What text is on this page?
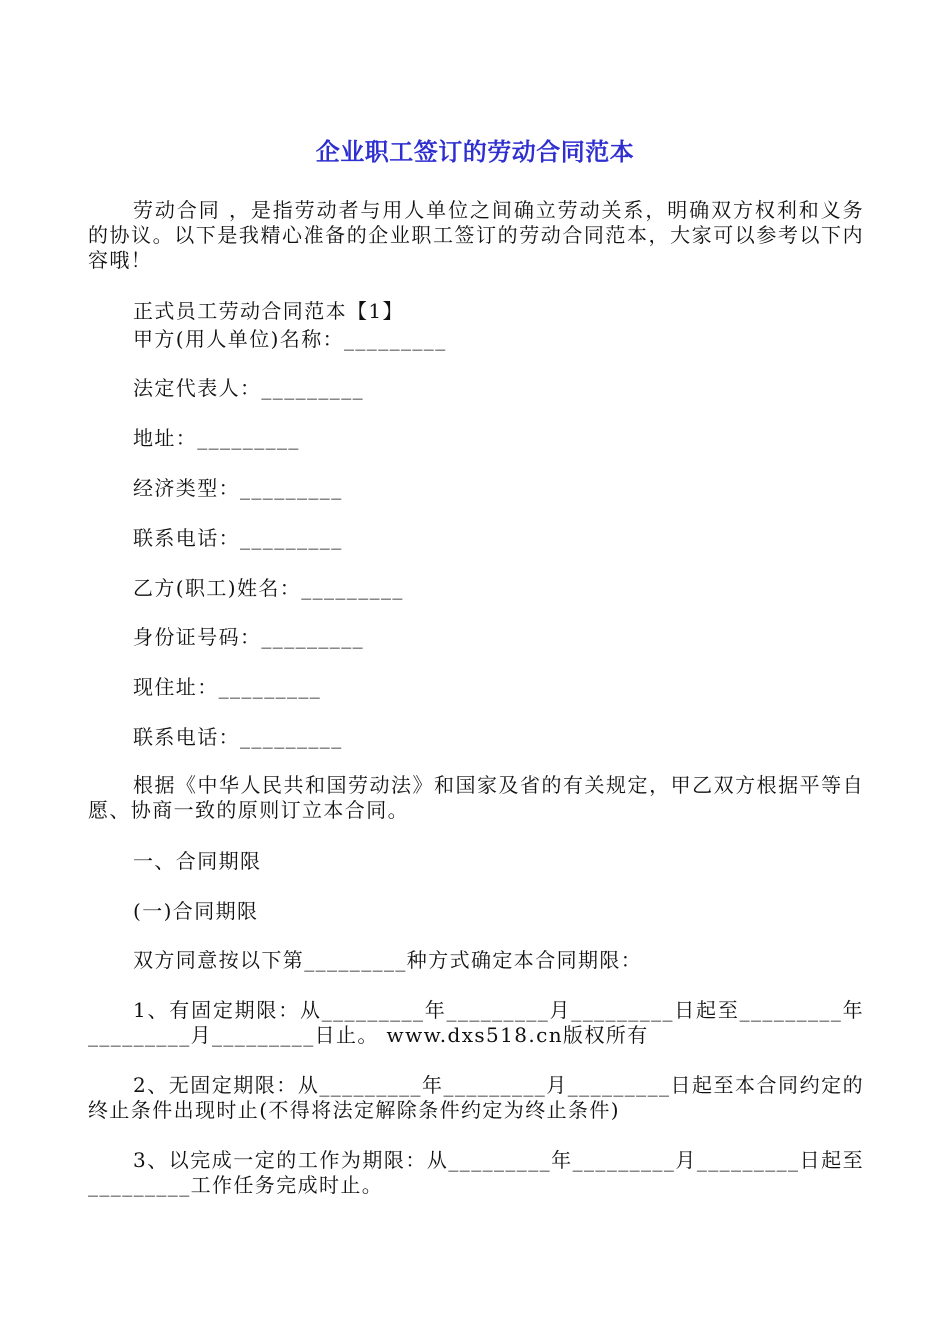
企业职工签订的劳动合同范本

劳动合同 ，是指劳动者与用人单位之间确立劳动关系，明确双方权利和义务的协议。以下是我精心准备的企业职工签订的劳动合同范本，大家可以参考以下内容哦！

正式员工劳动合同范本【1】

甲方(用人单位)名称：_________

法定代表人：_________

地址：_________

经济类型：_________

联系电话：_________

乙方(职工)姓名：_________

身份证号码：_________

现住址：_________

联系电话：_________

根据《中华人民共和国劳动法》和国家及省的有关规定，甲乙双方根据平等自愿、协商一致的原则订立本合同。

一、合同期限

(一)合同期限

双方同意按以下第_________种方式确定本合同期限：

1、有固定期限：从_________年_________月_________日起至_________年_________月_________日止。 www.dxs518.cn版权所有

2、无固定期限：从_________年_________月_________日起至本合同约定的终止条件出现时止(不得将法定解除条件约定为终止条件)

3、以完成一定的工作为期限：从_________年_________月_________日起至_________工作任务完成时止。
